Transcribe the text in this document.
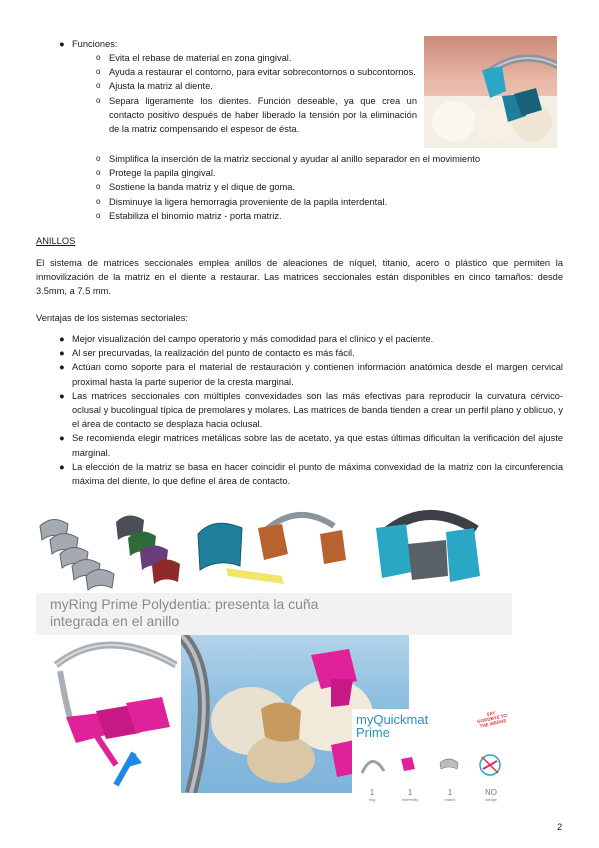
● Funciones:
o Evita el rebase de material en zona gingival.
o Ayuda a restaurar el contorno, para evitar sobrecontornos o subcontornos.
o Ajusta la matriz al diente.
o Separa ligeramente los dientes. Función deseable, ya que crea un contacto positivo después de haber liberado la tensión por la eliminación de la matriz compensando el espesor de ésta.
o Simplifica la inserción de la matriz seccional y ayudar al anillo separador en el movimiento
o Protege la papila gingival.
o Sostiene la banda matriz y el dique de goma.
o Disminuye la ligera hemorragia proveniente de la papila interdental.
o Estabiliza el binomio matriz - porta matriz.
ANILLOS
El sistema de matrices seccionales emplea anillos de aleaciones de níquel, titanio, acero o plástico que permiten la inmovilización de la matriz en el diente a restaurar. Las matrices seccionales están disponibles en cinco tamaños: desde 3.5mm, a 7.5 mm.
Ventajas de los sistemas sectoriales:
● Mejor visualización del campo operatorio y más comodidad para el clínico y el paciente.
● Al ser precurvadas, la realización del punto de contacto es más fácil.
● Actúan como soporte para el material de restauración y contienen información anatómica desde el margen cervical proximal hasta la parte superior de la cresta marginal.
● Las matrices seccionales con múltiples convexidades son las más efectivas para reproducir la curvatura cérvico-oclusal y bucolingual típica de premolares y molares. Las matrices de banda tienden a crear un perfil plano y oblicuo, y el área de contacto se desplaza hacia oclusal.
● Se recomienda elegir matrices metálicas sobre las de acetato, ya que estas últimas dificultan la verificación del ajuste marginal.
● La elección de la matriz se basa en hacer coincidir el punto de máxima convexidad de la matriz con la circunferencia máxima del diente, lo que define el área de contacto.
myRing Prime Polydentia: presenta la cuña
integrada en el anillo
myQuickmat
Prime
SAY GOODBYE TO THE WEDGE
1
ring
1
extremity
1
matrix
NO
wedge
2
